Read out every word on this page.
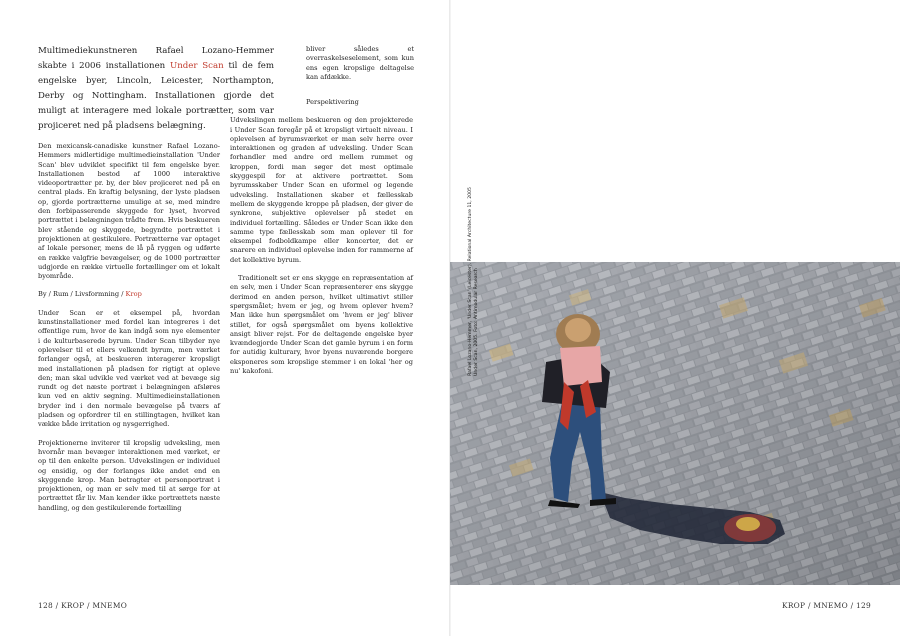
Multimediekunstneren Rafael Lozano-Hemmer skabte i 2006 installationen Under Scan til de fem engelske byer, Lincoln, Leicester, Northampton, Derby og Nottingham. Installationen gjorde det muligt at interagere med lokale portrætter, som var projiceret ned på pladsens belægning.

Den mexicansk-canadiske kunstner Rafael Lozano-Hemmers midlertidige multimedieinstallation 'Under Scan' blev udviklet specifikt til fem engelske byer. Installationen bestod af 1000 interaktive videoportrætter pr. by, der blev projiceret ned på en central plads. En kraftig belysning, der lyste pladsen op, gjorde portrætterne umulige at se, med mindre den forbipasserende skyggede for lyset, hvorved portrættet i belægningen trådte frem. Hvis beskueren blev stående og skyggede, begyndte portrættet i projektionen at gestikulere. Portrætterne var optaget af lokale personer, mens de lå på ryggen og udførte en række valgfrie bevægelser, og de 1000 portrætter udgjorde en række virtuelle fortællinger om et lokalt byområde.

By / Rum / Livsformning / Krop

Under Scan er et eksempel på, hvordan kunstinstallationer med fordel kan integreres i det offentlige rum, hvor de kan indgå som nye elementer i de kulturbaserede byrum. Under Scan tilbyder nye oplevelser til et ellers velkendt byrum, men værket forlanger også, at beskueren interagerer kropsligt med installationen på pladsen for rigtigt at opleve den; man skal udvikle ved værket ved at bevæge sig rundt og det næste portræt i belægningen afsløres kun ved en aktiv søgning. Multimedieinstallationen bryder ind i den normale bevægelse på tværs af pladsen og opfordrer til en stillingtagen, hvilket kan vække både irritation og nysgerrighed.

Projektionerne inviterer til kropslig udveksling, men hvornår man bevæger interaktionen med værket, er op til den enkelte person. Udvekslingen er individuel og ensidig, og der forlanges ikke andet end en skyggende krop. Man betragter et personportræt i projektionen, og man er selv med til at sørge for at portrættet får liv. Man kender ikke portrættets næste handling, og den gestikulerende fortælling

bliver således et overraskelseselement, som kun ens egen kropslige deltagelse kan afdække.

Perspektivering

Udvekslingen mellem beskueren og den projekterede i Under Scan foregår på et kropsligt virtuelt niveau. I oplevelsen af byrumsværket er man selv herre over interaktionen og graden af udveksling. Under Scan forhandler med andre ord mellem rummet og kroppen, fordi man søger det mest optimale skyggespil for at aktivere portrættet. Som byrumsskaber Under Scan en uformel og legende udveksling. Installationen skaber et fællesskab mellem de skyggende kroppe på pladsen, der giver de synkrone, subjektive oplevelser på stedet en individuel fortælling. Således er Under Scan ikke den samme type fællesskab som man oplever til for eksempel fodboldkampe eller koncerter, det er snarere en individuel oplevelse inden for rammerne af det kollektive byrum.

Traditionelt set er ens skygge en repræsentation af en selv, men i Under Scan repræsenterer ens skygge derimod en anden person, hvilket ultimativt stiller spørgsmålet; hvem er jeg, og hvem oplever hvem? Man ikke hun spørgsmålet om 'hvem er jeg' bliver stillet, for også spørgsmålet om byens kollektive ansigt bliver rejst. For de deltagende engelske byer kvændegjorde Under Scan det gamle byrum i en form for autidig kulturary, hvor byens nuværende borgere eksponeres som kropslige stemmer i en lokal 'her og nu' kakofoni.

128 / KROP / MNEMO
Rafael Lozano-Hemmer, 'Under Scan' (Leicester). Relational Architecture 11, 2005 Under Scan, 2005. Foto: Antimodular Research
KROP / MNEMO / 129
